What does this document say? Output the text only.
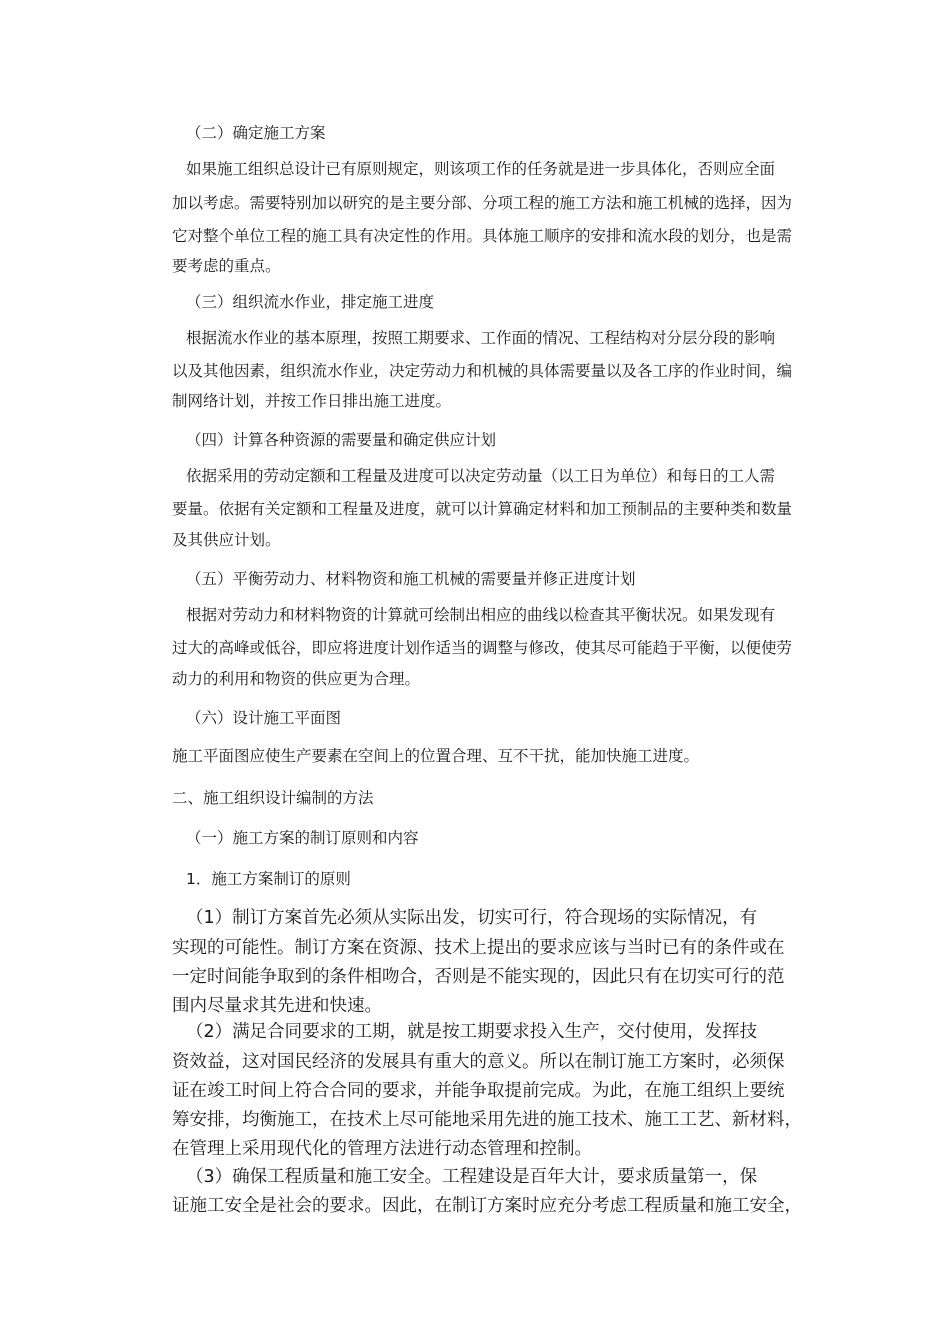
（二）确定施工方案
如果施工组织总设计已有原则规定，则该项工作的任务就是进一步具体化，否则应全面
加以考虑。需要特别加以研究的是主要分部、分项工程的施工方法和施工机械的选择，因为
它对整个单位工程的施工具有决定性的作用。具体施工顺序的安排和流水段的划分，也是需
要考虑的重点。
（三）组织流水作业，排定施工进度
根据流水作业的基本原理，按照工期要求、工作面的情况、工程结构对分层分段的影响
以及其他因素，组织流水作业，决定劳动力和机械的具体需要量以及各工序的作业时间，编
制网络计划，并按工作日排出施工进度。
（四）计算各种资源的需要量和确定供应计划
依据采用的劳动定额和工程量及进度可以决定劳动量（以工日为单位）和每日的工人需
要量。依据有关定额和工程量及进度，就可以计算确定材料和加工预制品的主要种类和数量
及其供应计划。
（五）平衡劳动力、材料物资和施工机械的需要量并修正进度计划
根据对劳动力和材料物资的计算就可绘制出相应的曲线以检查其平衡状况。如果发现有
过大的高峰或低谷，即应将进度计划作适当的调整与修改，使其尽可能趋于平衡，以便使劳
动力的利用和物资的供应更为合理。
（六）设计施工平面图
施工平面图应使生产要素在空间上的位置合理、互不干扰，能加快施工进度。
二、施工组织设计编制的方法
（一）施工方案的制订原则和内容
1．施工方案制订的原则
（1）制订方案首先必须从实际出发，切实可行，符合现场的实际情况，有
实现的可能性。制订方案在资源、技术上提出的要求应该与当时已有的条件或在
一定时间能争取到的条件相吻合，否则是不能实现的，因此只有在切实可行的范
围内尽量求其先进和快速。
（2）满足合同要求的工期，就是按工期要求投入生产，交付使用，发挥技
资效益，这对国民经济的发展具有重大的意义。所以在制订施工方案时，必须保
证在竣工时间上符合合同的要求，并能争取提前完成。为此，在施工组织上要统
筹安排，均衡施工，在技术上尽可能地采用先进的施工技术、施工工艺、新材料，
在管理上采用现代化的管理方法进行动态管理和控制。
（3）确保工程质量和施工安全。工程建设是百年大计，要求质量第一，保
证施工安全是社会的要求。因此，在制订方案时应充分考虑工程质量和施工安全，
